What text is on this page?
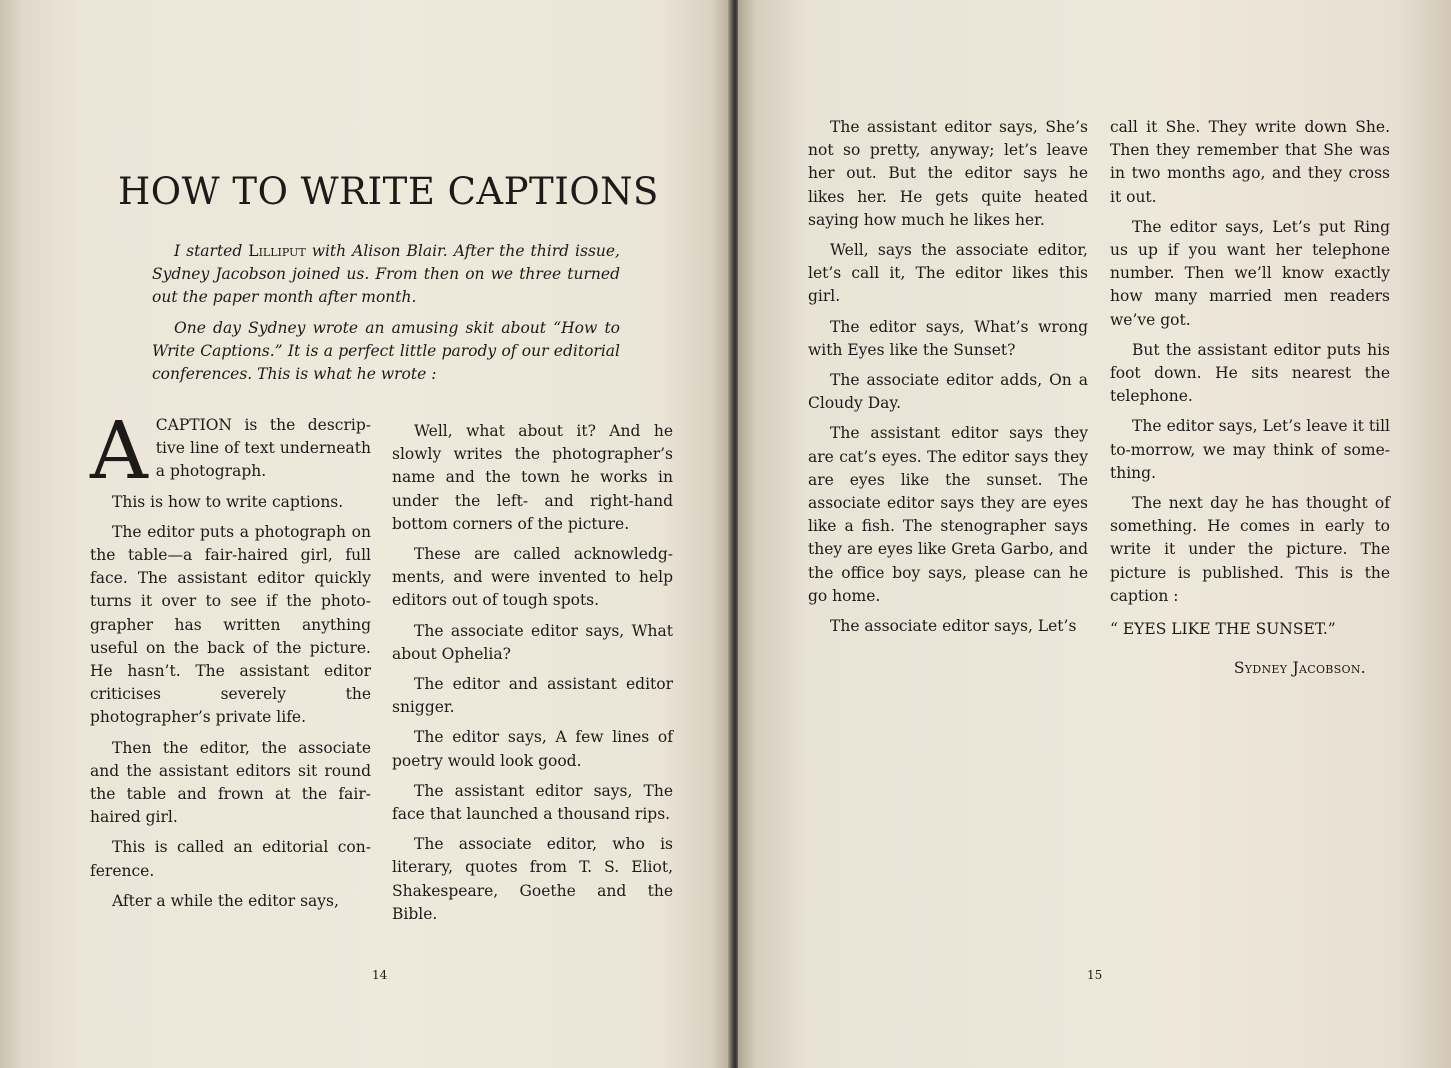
HOW TO WRITE CAPTIONS

I started Lilliput with Alison Blair. After the third issue, Sydney Jacobson joined us. From then on we three turned out the paper month after month.

One day Sydney wrote an amusing skit about “How to Write Captions.” It is a perfect little parody of our editorial conferences. This is what he wrote :

ACAPTION is the descriptive line of text underneath a photograph.

This is how to write captions.

The editor puts a photograph on the table—a fair-haired girl, full face. The assistant editor quickly turns it over to see if the photographer has written anything useful on the back of the picture. He hasn’t. The assistant editor criticises severely the photographer’s private life.

Then the editor, the associate and the assistant editors sit round the table and frown at the fair-haired girl.

This is called an editorial conference.

After a while the editor says,

Well, what about it? And he slowly writes the photographer’s name and the town he works in under the left- and right-hand bottom corners of the picture.

These are called acknowledgments, and were invented to help editors out of tough spots.

The associate editor says, What about Ophelia?

The editor and assistant editor snigger.

The editor says, A few lines of poetry would look good.

The assistant editor says, The face that launched a thousand rips.

The associate editor, who is literary, quotes from T. S. Eliot, Shakespeare, Goethe and the Bible.

14

The assistant editor says, She’s not so pretty, anyway; let’s leave her out. But the editor says he likes her. He gets quite heated saying how much he likes her.

Well, says the associate editor, let’s call it, The editor likes this girl.

The editor says, What’s wrong with Eyes like the Sunset?

The associate editor adds, On a Cloudy Day.

The assistant editor says they are cat’s eyes. The editor says they are eyes like the sunset. The associate editor says they are eyes like a fish. The stenographer says they are eyes like Greta Garbo, and the office boy says, please can he go home.

The associate editor says, Let’s

call it She. They write down She. Then they remember that She was in two months ago, and they cross it out.

The editor says, Let’s put Ring us up if you want her telephone number. Then we’ll know exactly how many married men readers we’ve got.

But the assistant editor puts his foot down. He sits nearest the telephone.

The editor says, Let’s leave it till to-morrow, we may think of something.

The next day he has thought of something. He comes in early to write it under the picture. The picture is published. This is the caption :

“ EYES LIKE THE SUNSET.”

Sydney Jacobson.

15
